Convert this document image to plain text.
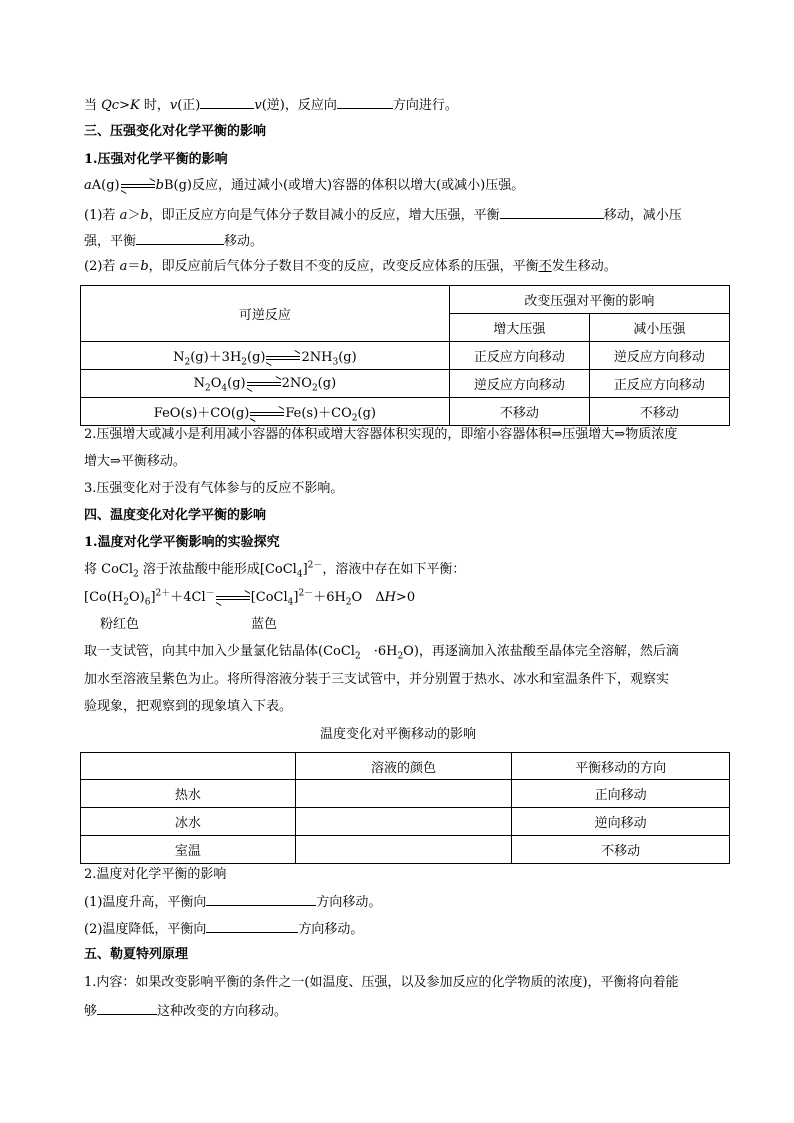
当 Qc>K 时，v(正)	v(逆)，反应向	方向进行。
三、压强变化对化学平衡的影响
1.压强对化学平衡的影响
aA(g)	bB(g)反应，通过减小(或增大)容器的体积以增大(或减小)压强。
(1)若 a＞b，即正反应方向是气体分子数目减小的反应，增大压强，平衡	移动，减小压
强，平衡	移动。
(2)若 a＝b，即反应前后气体分子数目不变的反应，改变反应体系的压强，平衡不发生移动。
可逆反应	改变压强对平衡的影响	
	增大压强	减小压强
$N_2(g)+3H_2(g)$ $2NH_3(g)$	正反应方向移动	逆反应方向移动
$N_2O_4(g)$ $2NO_2(g)$	逆反应方向移动	正反应方向移动
FeO(s)＋CO(g) $Fe(s)+CO_2(g)$	不移动	不移动
2.压强增大或减小是利用减小容器的体积或增大容器体积实现的，即缩小容器体积⇒压强增大⇒物质浓度
增大⇒平衡移动。
3.压强变化对于没有气体参与的反应不影响。
四、温度变化对化学平衡的影响
1.温度对化学平衡影响的实验探究
将 CoCl$_2$ 溶于浓盐酸中能形成[CoCl$_4$]$^{2-}$，溶液中存在如下平衡：
$[Co(H_2O)_6]^{2+}+4Cl^-$	$[CoCl_4]^{2-}+6H_2O$　ΔH>0
粉红色	蓝色
取一支试管，向其中加入少量氯化钴晶体(CoCl$_2$　$\cdot 6H_2O$)，再逐滴加入浓盐酸至晶体完全溶解，然后滴
加水至溶液呈紫色为止。将所得溶液分装于三支试管中，并分别置于热水、冰水和室温条件下，观察实
验现象，把观察到的现象填入下表。
温度变化对平衡移动的影响
	溶液的颜色	平衡移动的方向
热水		正向移动
冰水		逆向移动
室温		不移动
2.温度对化学平衡的影响
(1)温度升高，平衡向	方向移动。
(2)温度降低，平衡向	方向移动。
五、勒夏特列原理
1.内容：如果改变影响平衡的条件之一(如温度、压强，以及参加反应的化学物质的浓度)，平衡将向着能
够	这种改变的方向移动。
